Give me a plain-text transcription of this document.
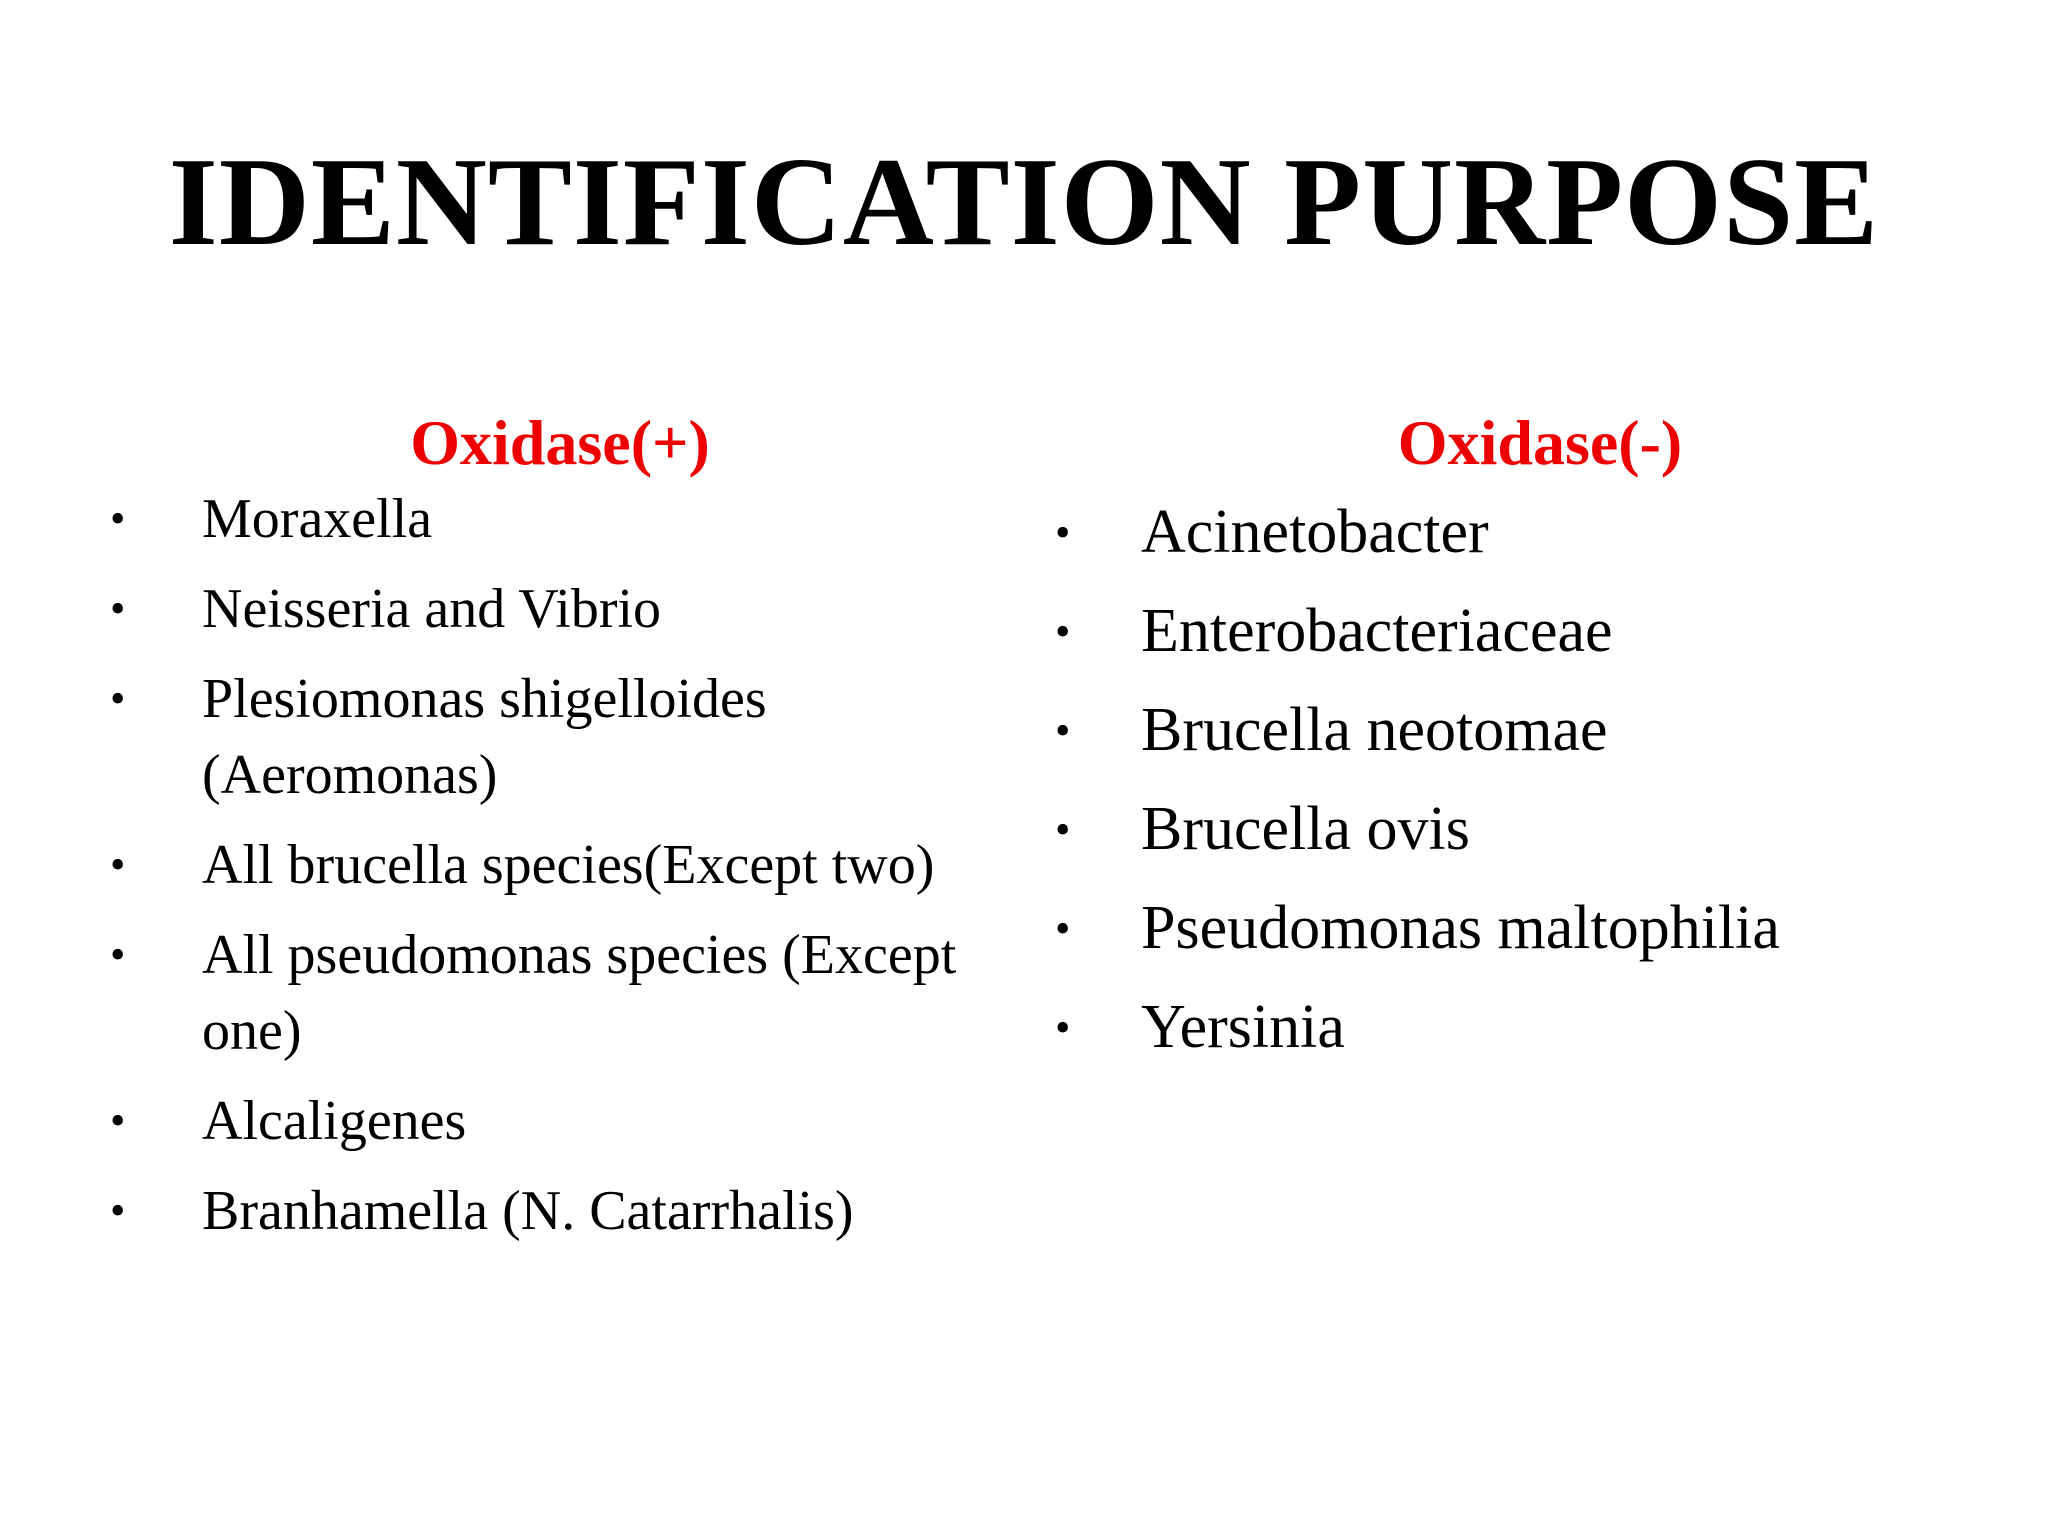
IDENTIFICATION PURPOSE
Oxidase(+)
• Moraxella
• Neisseria and Vibrio
• Plesiomonas shigelloides (Aeromonas)
• All brucella species(Except two)
• All pseudomonas species (Except one)
• Alcaligenes
• Branhamella (N. Catarrhalis)
Oxidase(-)
• Acinetobacter
• Enterobacteriaceae
• Brucella neotomae
• Brucella ovis
• Pseudomonas maltophilia
• Yersinia
